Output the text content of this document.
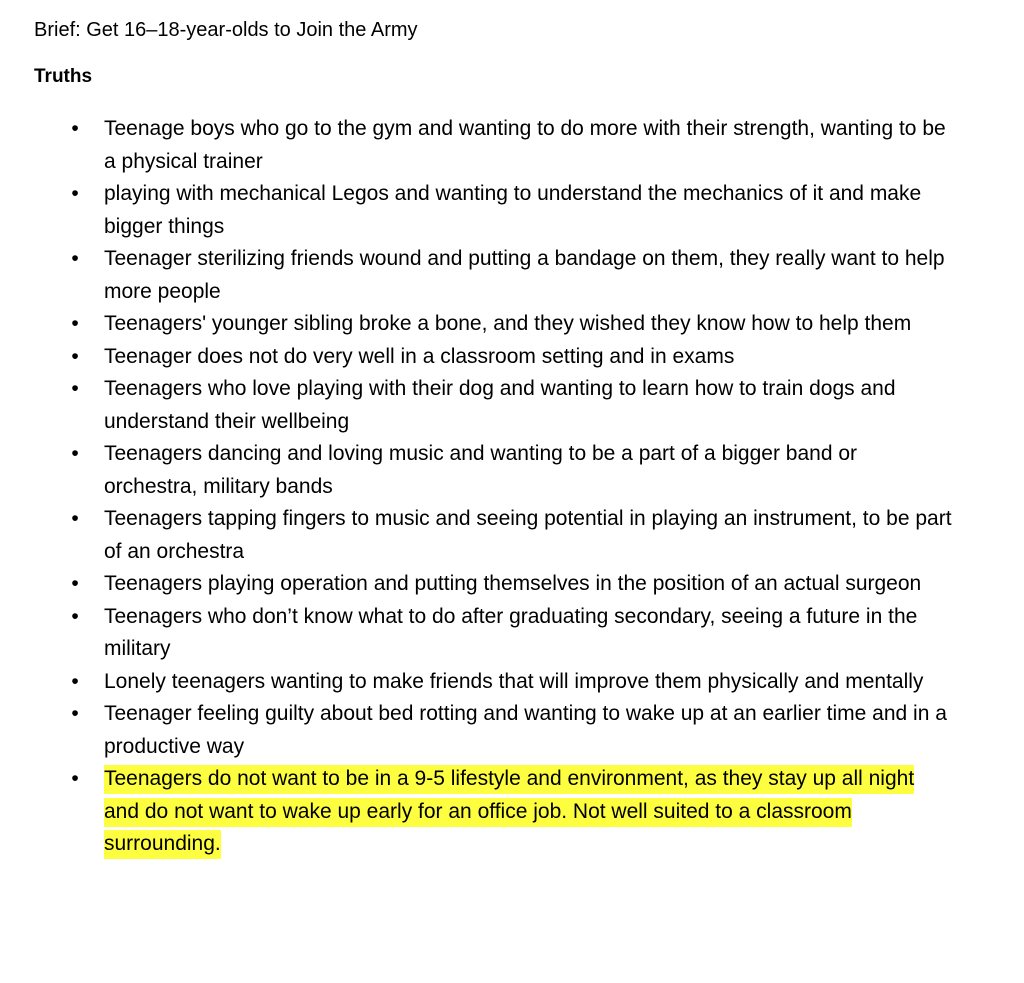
Brief: Get 16–18-year-olds to Join the Army
Truths
• Teenage boys who go to the gym and wanting to do more with their strength, wanting to be a physical trainer
• playing with mechanical Legos and wanting to understand the mechanics of it and make bigger things
• Teenager sterilizing friends wound and putting a bandage on them, they really want to help more people
• Teenagers' younger sibling broke a bone, and they wished they know how to help them
• Teenager does not do very well in a classroom setting and in exams
• Teenagers who love playing with their dog and wanting to learn how to train dogs and understand their wellbeing
• Teenagers dancing and loving music and wanting to be a part of a bigger band or orchestra, military bands
• Teenagers tapping fingers to music and seeing potential in playing an instrument, to be part of an orchestra
• Teenagers playing operation and putting themselves in the position of an actual surgeon
• Teenagers who don’t know what to do after graduating secondary, seeing a future in the military
• Lonely teenagers wanting to make friends that will improve them physically and mentally
• Teenager feeling guilty about bed rotting and wanting to wake up at an earlier time and in a productive way
• Teenagers do not want to be in a 9-5 lifestyle and environment, as they stay up all night and do not want to wake up early for an office job. Not well suited to a classroom surrounding.
